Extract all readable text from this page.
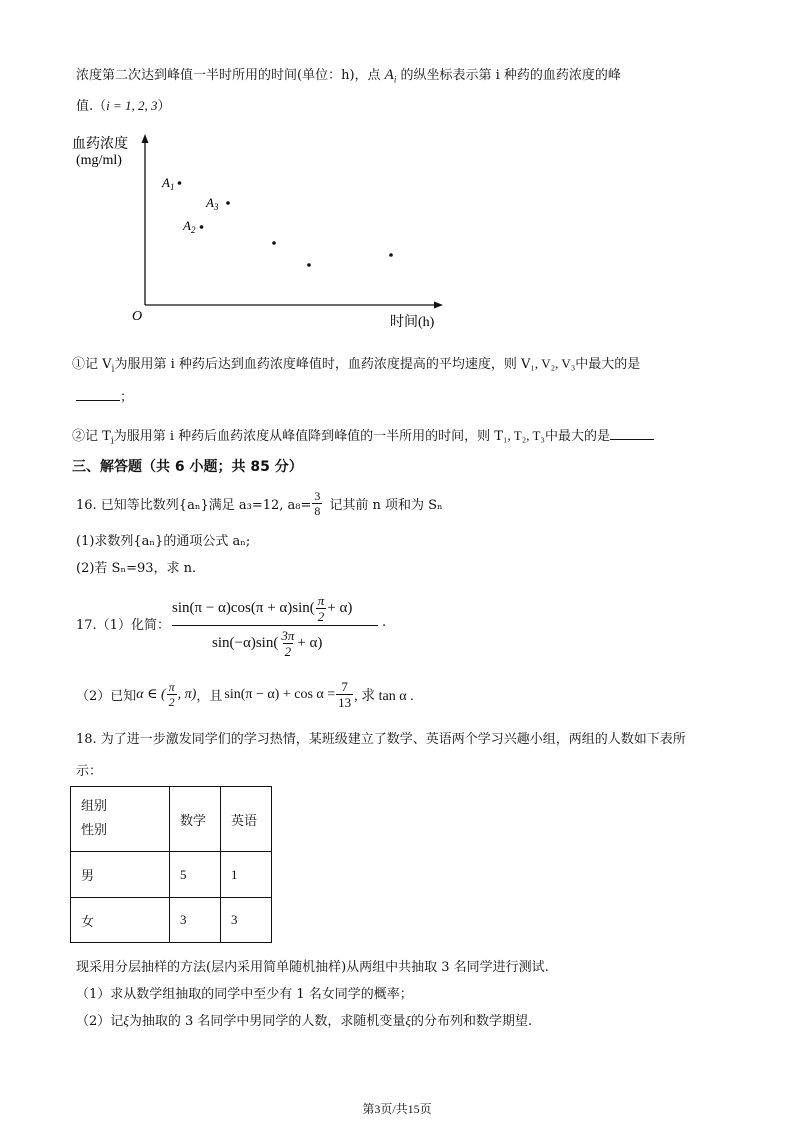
浓度第二次达到峰值一半时所用的时间(单位：h)，点 $A_i$ 的纵坐标表示第 i 种药的血药浓度的峰
值.（i = 1, 2, 3）
血药浓度
(mg/ml)
O	时间(h)
$A_1$
$A_3$
$A_2$
①记 $V_i$为服用第 i 种药后达到血药浓度峰值时，血药浓度提高的平均速度，则 V₁, V₂, V₃中最大的是
；
②记 $T_i$为服用第 i 种药后血药浓度从峰值降到峰值的一半所用的时间，则 T₁, T₂, T₃中最大的是
三、解答题（共 6 小题；共 85 分）
16. 已知等比数列{aₙ}满足 a₃=12, $a_8= \frac{3}{8}$ 记其前 n 项和为 Sₙ
(1)求数列{aₙ}的通项公式 aₙ;
(2)若 Sₙ=93，求 n.
17.（1）化简：
$\sin(\pi - \alpha)\cos(\pi + \alpha)\sin( \frac{\pi}{2} + \alpha)$
$\sin(-\alpha)\sin( \frac{3\pi}{2} + \alpha)$
.
（2）已知 α ∈ ( $\frac{\pi}{2}$ , π) ，且 $\sin(\pi - \alpha) + \cos \alpha = \frac{7}{13}$ , 求 tan α .
18. 为了进一步激发同学们的学习热情，某班级建立了数学、英语两个学习兴趣小组，两组的人数如下表所
示：
组别
性别	数学	英语
男	5	1
女	3	3
现采用分层抽样的方法(层内采用简单随机抽样)从两组中共抽取 3 名同学进行测试.
（1）求从数学组抽取的同学中至少有 1 名女同学的概率；
（2）记ξ为抽取的 3 名同学中男同学的人数，求随机变量ξ的分布列和数学期望.
第3页/共15页
